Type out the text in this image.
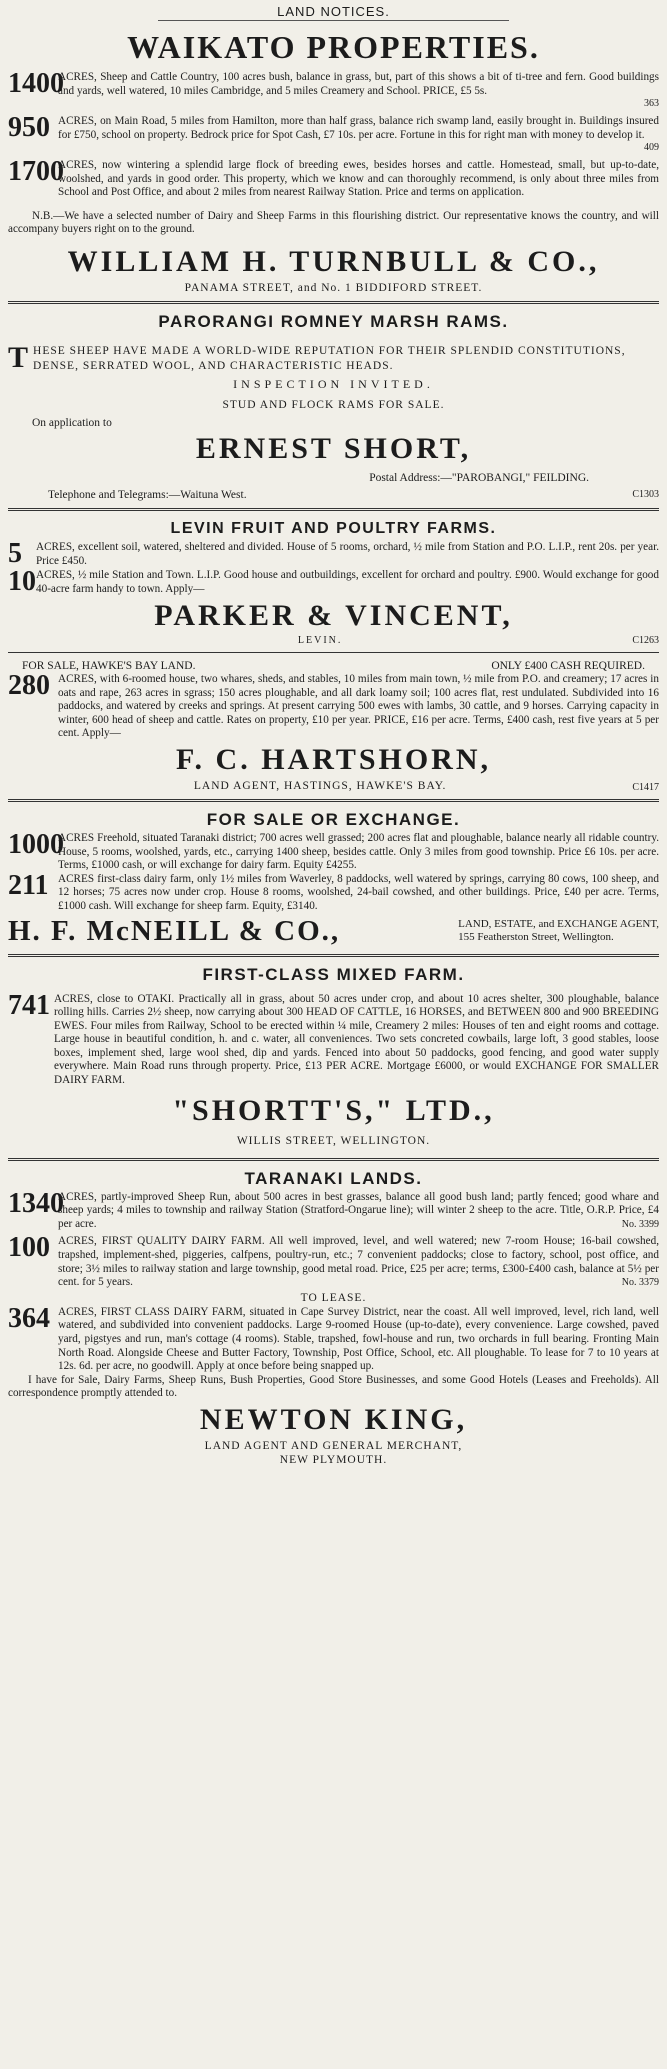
LAND NOTICES.
WAIKATO PROPERTIES.
1400
ACRES, Sheep and Cattle Country, 100 acres bush, balance in grass, but, part of this shows a bit of ti-tree and fern. Good buildings and yards, well watered, 10 miles Cambridge, and 5 miles Creamery and School. PRICE, £5 5s.
363
950 ACRES, on Main Road, 5 miles from Hamilton, more than half grass, balance rich swamp land, easily brought in. Buildings insured for £750, school on property. Bedrock price for Spot Cash, £7 10s. per acre. Fortune in this for right man with money to develop it.
409
1700
ACRES, now wintering a splendid large flock of breeding ewes, besides horses and cattle. Homestead, small, but up-to-date, woolshed, and yards in good order. This property, which we know and can thoroughly recommend, is only about three miles from School and Post Office, and about 2 miles from nearest Railway Station. Price and terms on application.
N.B.—We have a selected number of Dairy and Sheep Farms in this flourishing district. Our representative knows the country, and will accompany buyers right on to the ground.
WILLIAM H. TURNBULL & CO.,
PANAMA STREET, and No. 1 BIDDIFORD STREET.
PARORANGI ROMNEY MARSH RAMS.
T HESE SHEEP HAVE MADE A WORLD-WIDE REPUTATION FOR THEIR SPLENDID CONSTITUTIONS, DENSE, SERRATED WOOL, AND CHARACTERISTIC HEADS.
INSPECTION INVITED.
STUD AND FLOCK RAMS FOR SALE.
On application to
ERNEST SHORT,
Postal Address:—"PAROBANGI," FEILDING.
Telephone and Telegrams:—Waituna West.	C1303
LEVIN FRUIT AND POULTRY FARMS.
5 ACRES, excellent soil, watered, sheltered and divided. House of 5 rooms, orchard, ½ mile from Station and P.O. L.I.P., rent 20s. per year. Price £450.
10 ACRES, ½ mile Station and Town. L.I.P. Good house and outbuildings, excellent for orchard and poultry. £900. Would exchange for good 40-acre farm handy to town. Apply—
PARKER & VINCENT,
LEVIN.	C1263
FOR SALE, HAWKE'S BAY LAND.	ONLY £400 CASH REQUIRED.
280 ACRES, with 6-roomed house, two whares, sheds, and stables, 10 miles from main town, ½ mile from P.O. and creamery; 17 acres in oats and rape, 263 acres in sgrass; 150 acres ploughable, and all dark loamy soil; 100 acres flat, rest undulated. Subdivided into 16 paddocks, and watered by creeks and springs. At present carrying 500 ewes with lambs, 30 cattle, and 9 horses. Carrying capacity in winter, 600 head of sheep and cattle. Rates on property, £10 per year. PRICE, £16 per acre. Terms, £400 cash, rest five years at 5 per cent. Apply—
F. C. HARTSHORN,
LAND AGENT, HASTINGS, HAWKE'S BAY.	C1417
FOR SALE OR EXCHANGE.
1000
ACRES Freehold, situated Taranaki district; 700 acres well grassed; 200 acres flat and ploughable, balance nearly all ridable country. House, 5 rooms, woolshed, yards, etc., carrying 1400 sheep, besides cattle. Only 3 miles from good township. Price £6 10s. per acre. Terms, £1000 cash, or will exchange for dairy farm. Equity £4255.
211 ACRES first-class dairy farm, only 1½ miles from Waverley, 8 paddocks, well watered by springs, carrying 80 cows, 100 sheep, and 12 horses; 75 acres now under crop. House 8 rooms, woolshed, 24-bail cowshed, and other buildings. Price, £40 per acre. Terms, £1000 cash. Will exchange for sheep farm. Equity, £3140.
H. F. McNEILL & CO.,	LAND, ESTATE, and EXCHANGE AGENT,
155 Featherston Street, Wellington.
FIRST-CLASS MIXED FARM.
741 ACRES, close to OTAKI. Practically all in grass, about 50 acres under crop, and about 10 acres shelter, 300 ploughable, balance rolling hills. Carries 2½ sheep, now carrying about 300 HEAD OF CATTLE, 16 HORSES, and BETWEEN 800 and 900 BREEDING EWES. Four miles from Railway, School to be erected within ¼ mile, Creamery 2 miles: Houses of ten and eight rooms and cottage. Large house in beautiful condition, h. and c. water, all conveniences. Two sets concreted cowbails, large loft, 3 good stables, loose boxes, implement shed, large wool shed, dip and yards. Fenced into about 50 paddocks, good fencing, and good water supply everywhere. Main Road runs through property. Price, £13 PER ACRE. Mortgage £6000, or would EXCHANGE FOR SMALLER DAIRY FARM.
"SHORTT'S," LTD.,
WILLIS STREET, WELLINGTON.
TARANAKI LANDS.
1340
ACRES, partly-improved Sheep Run, about 500 acres in best grasses, balance all good bush land; partly fenced; good whare and sheep yards; 4 miles to township and railway Station (Stratford-Ongarue line); will winter 2 sheep to the acre. Title, O.R.P. Price, £4 per acre.	No. 3399
100 ACRES, FIRST QUALITY DAIRY FARM. All well improved, level, and well watered; new 7-room House; 16-bail cowshed, trapshed, implement-shed, piggeries, calfpens, poultry-run, etc.; 7 convenient paddocks; close to factory, school, post office, and store; 3½ miles to railway station and large township, good metal road. Price, £25 per acre; terms, £300-£400 cash, balance at 5½ per cent. for 5 years.	No. 3379
TO LEASE.
364 ACRES, FIRST CLASS DAIRY FARM, situated in Cape Survey District, near the coast. All well improved, level, rich land, well watered, and subdivided into convenient paddocks. Large 9-roomed House (up-to-date), every convenience. Large cowshed, paved yard, pigstyes and run, man's cottage (4 rooms). Stable, trapshed, fowl-house and run, two orchards in full bearing. Fronting Main North Road. Alongside Cheese and Butter Factory, Township, Post Office, School, etc. All ploughable. To lease for 7 to 10 years at 12s. 6d. per acre, no goodwill. Apply at once before being snapped up.
I have for Sale, Dairy Farms, Sheep Runs, Bush Properties, Good Store Businesses, and some Good Hotels (Leases and Freeholds). All correspondence promptly attended to.
NEWTON KING,
LAND AGENT AND GENERAL MERCHANT,
NEW PLYMOUTH.
